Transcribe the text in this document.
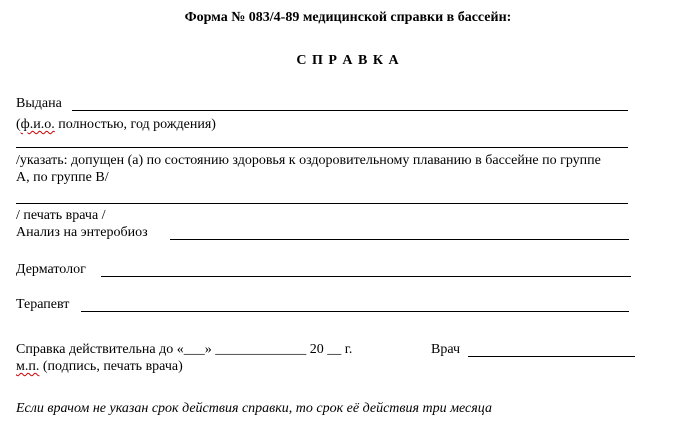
Форма № 083/4-89 медицинской справки в бассейн:
С П Р А В К А
Выдана
(ф.и.о. полностью, год рождения)
/указать: допущен (а) по состоянию здоровья к оздоровительному плаванию в бассейне по группе
А, по группе В/
/ печать врача /
Анализ на энтеробиоз
Дерматолог
Терапевт
Справка действительна до «___» _____________ 20 __ г.	Врач
м.п. (подпись, печать врача)
Если врачом не указан срок действия справки, то срок её действия три месяца
